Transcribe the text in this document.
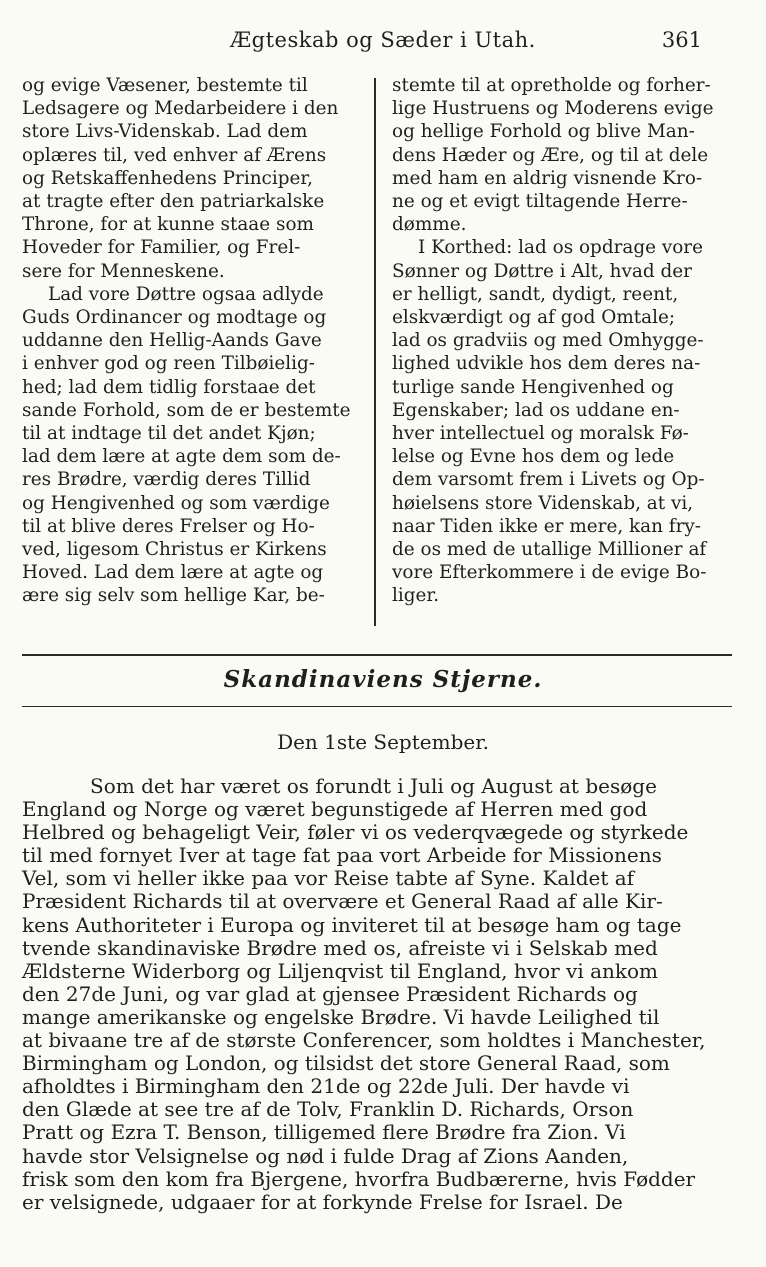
Ægteskab og Sæder i Utah.	361
og evige Væsener, bestemte til
Ledsagere og Medarbeidere i den
store Livs-Videnskab. Lad dem
oplæres til, ved enhver af Ærens
og Retskaffenhedens Principer,
at tragte efter den patriarkalske
Throne, for at kunne staae som
Hoveder for Familier, og Frel-
sere for Menneskene.
Lad vore Døttre ogsaa adlyde
Guds Ordinancer og modtage og
uddanne den Hellig-Aands Gave
i enhver god og reen Tilbøielig-
hed; lad dem tidlig forstaae det
sande Forhold, som de er bestemte
til at indtage til det andet Kjøn;
lad dem lære at agte dem som de-
res Brødre, værdig deres Tillid
og Hengivenhed og som værdige
til at blive deres Frelser og Ho-
ved, ligesom Christus er Kirkens
Hoved. Lad dem lære at agte og
ære sig selv som hellige Kar, be-
stemte til at opretholde og forher-
lige Hustruens og Moderens evige
og hellige Forhold og blive Man-
dens Hæder og Ære, og til at dele
med ham en aldrig visnende Kro-
ne og et evigt tiltagende Herre-
dømme.
I Korthed: lad os opdrage vore
Sønner og Døttre i Alt, hvad der
er helligt, sandt, dydigt, reent,
elskværdigt og af god Omtale;
lad os gradviis og med Omhygge-
lighed udvikle hos dem deres na-
turlige sande Hengivenhed og
Egenskaber; lad os uddane en-
hver intellectuel og moralsk Fø-
lelse og Evne hos dem og lede
dem varsomt frem i Livets og Op-
høielsens store Videnskab, at vi,
naar Tiden ikke er mere, kan fry-
de os med de utallige Millioner af
vore Efterkommere i de evige Bo-
liger.
Skandinaviens Stjerne.
Den 1ste September.
Som det har været os forundt i Juli og August at besøge
England og Norge og været begunstigede af Herren med god
Helbred og behageligt Veir, føler vi os vederqvægede og styrkede
til med fornyet Iver at tage fat paa vort Arbeide for Missionens
Vel, som vi heller ikke paa vor Reise tabte af Syne. Kaldet af
Præsident Richards til at overvære et General Raad af alle Kir-
kens Authoriteter i Europa og inviteret til at besøge ham og tage
tvende skandinaviske Brødre med os, afreiste vi i Selskab med
Ældsterne Widerborg og Liljenqvist til England, hvor vi ankom
den 27de Juni, og var glad at gjensee Præsident Richards og
mange amerikanske og engelske Brødre. Vi havde Leilighed til
at bivaane tre af de største Conferencer, som holdtes i Manchester,
Birmingham og London, og tilsidst det store General Raad, som
afholdtes i Birmingham den 21de og 22de Juli. Der havde vi
den Glæde at see tre af de Tolv, Franklin D. Richards, Orson
Pratt og Ezra T. Benson, tilligemed flere Brødre fra Zion. Vi
havde stor Velsignelse og nød i fulde Drag af Zions Aanden,
frisk som den kom fra Bjergene, hvorfra Budbærerne, hvis Fødder
er velsignede, udgaaer for at forkynde Frelse for Israel. De
